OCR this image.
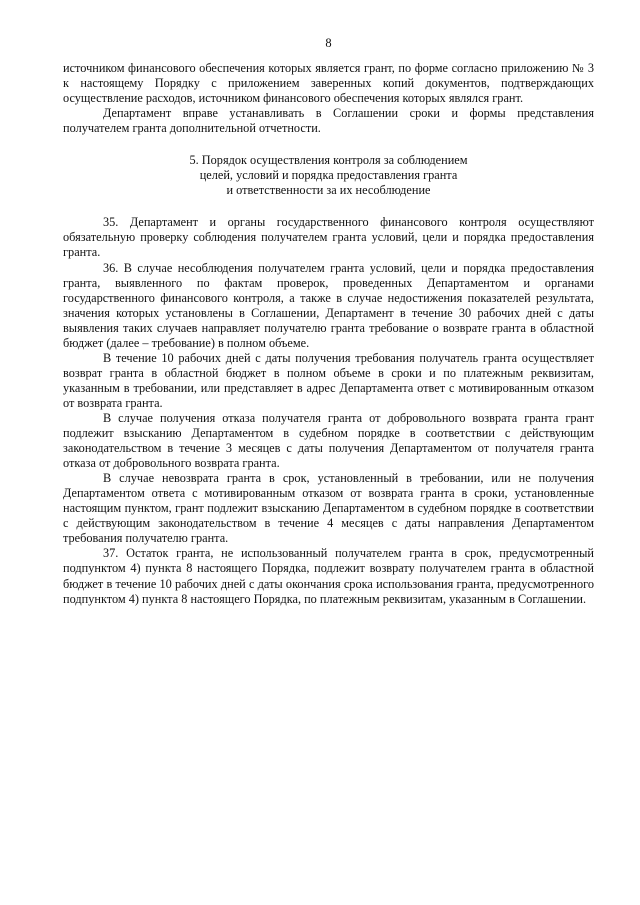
8

источником финансового обеспечения которых является грант, по форме согласно приложению № 3 к настоящему Порядку с приложением заверенных копий документов, подтверждающих осуществление расходов, источником финансового обеспечения которых являлся грант.

Департамент вправе устанавливать в Соглашении сроки и формы представления получателем гранта дополнительной отчетности.

5. Порядок осуществления контроля за соблюдением
целей, условий и порядка предоставления гранта
и ответственности за их несоблюдение

35. Департамент и органы государственного финансового контроля осуществляют обязательную проверку соблюдения получателем гранта условий, цели и порядка предоставления гранта.

36. В случае несоблюдения получателем гранта условий, цели и порядка предоставления гранта, выявленного по фактам проверок, проведенных Департаментом и органами государственного финансового контроля, а также в случае недостижения показателей результата, значения которых установлены в Соглашении, Департамент в течение 30 рабочих дней с даты выявления таких случаев направляет получателю гранта требование о возврате гранта в областной бюджет (далее – требование) в полном объеме.

В течение 10 рабочих дней с даты получения требования получатель гранта осуществляет возврат гранта в областной бюджет в полном объеме в сроки и по платежным реквизитам, указанным в требовании, или представляет в адрес Департамента ответ с мотивированным отказом от возврата гранта.

В случае получения отказа получателя гранта от добровольного возврата гранта грант подлежит взысканию Департаментом в судебном порядке в соответствии с действующим законодательством в течение 3 месяцев с даты получения Департаментом от получателя гранта отказа от добровольного возврата гранта.

В случае невозврата гранта в срок, установленный в требовании, или не получения Департаментом ответа с мотивированным отказом от возврата гранта в сроки, установленные настоящим пунктом, грант подлежит взысканию Департаментом в судебном порядке в соответствии с действующим законодательством в течение 4 месяцев с даты направления Департаментом требования получателю гранта.

37. Остаток гранта, не использованный получателем гранта в срок, предусмотренный подпунктом 4) пункта 8 настоящего Порядка, подлежит возврату получателем гранта в областной бюджет в течение 10 рабочих дней с даты окончания срока использования гранта, предусмотренного подпунктом 4) пункта 8 настоящего Порядка, по платежным реквизитам, указанным в Соглашении.
